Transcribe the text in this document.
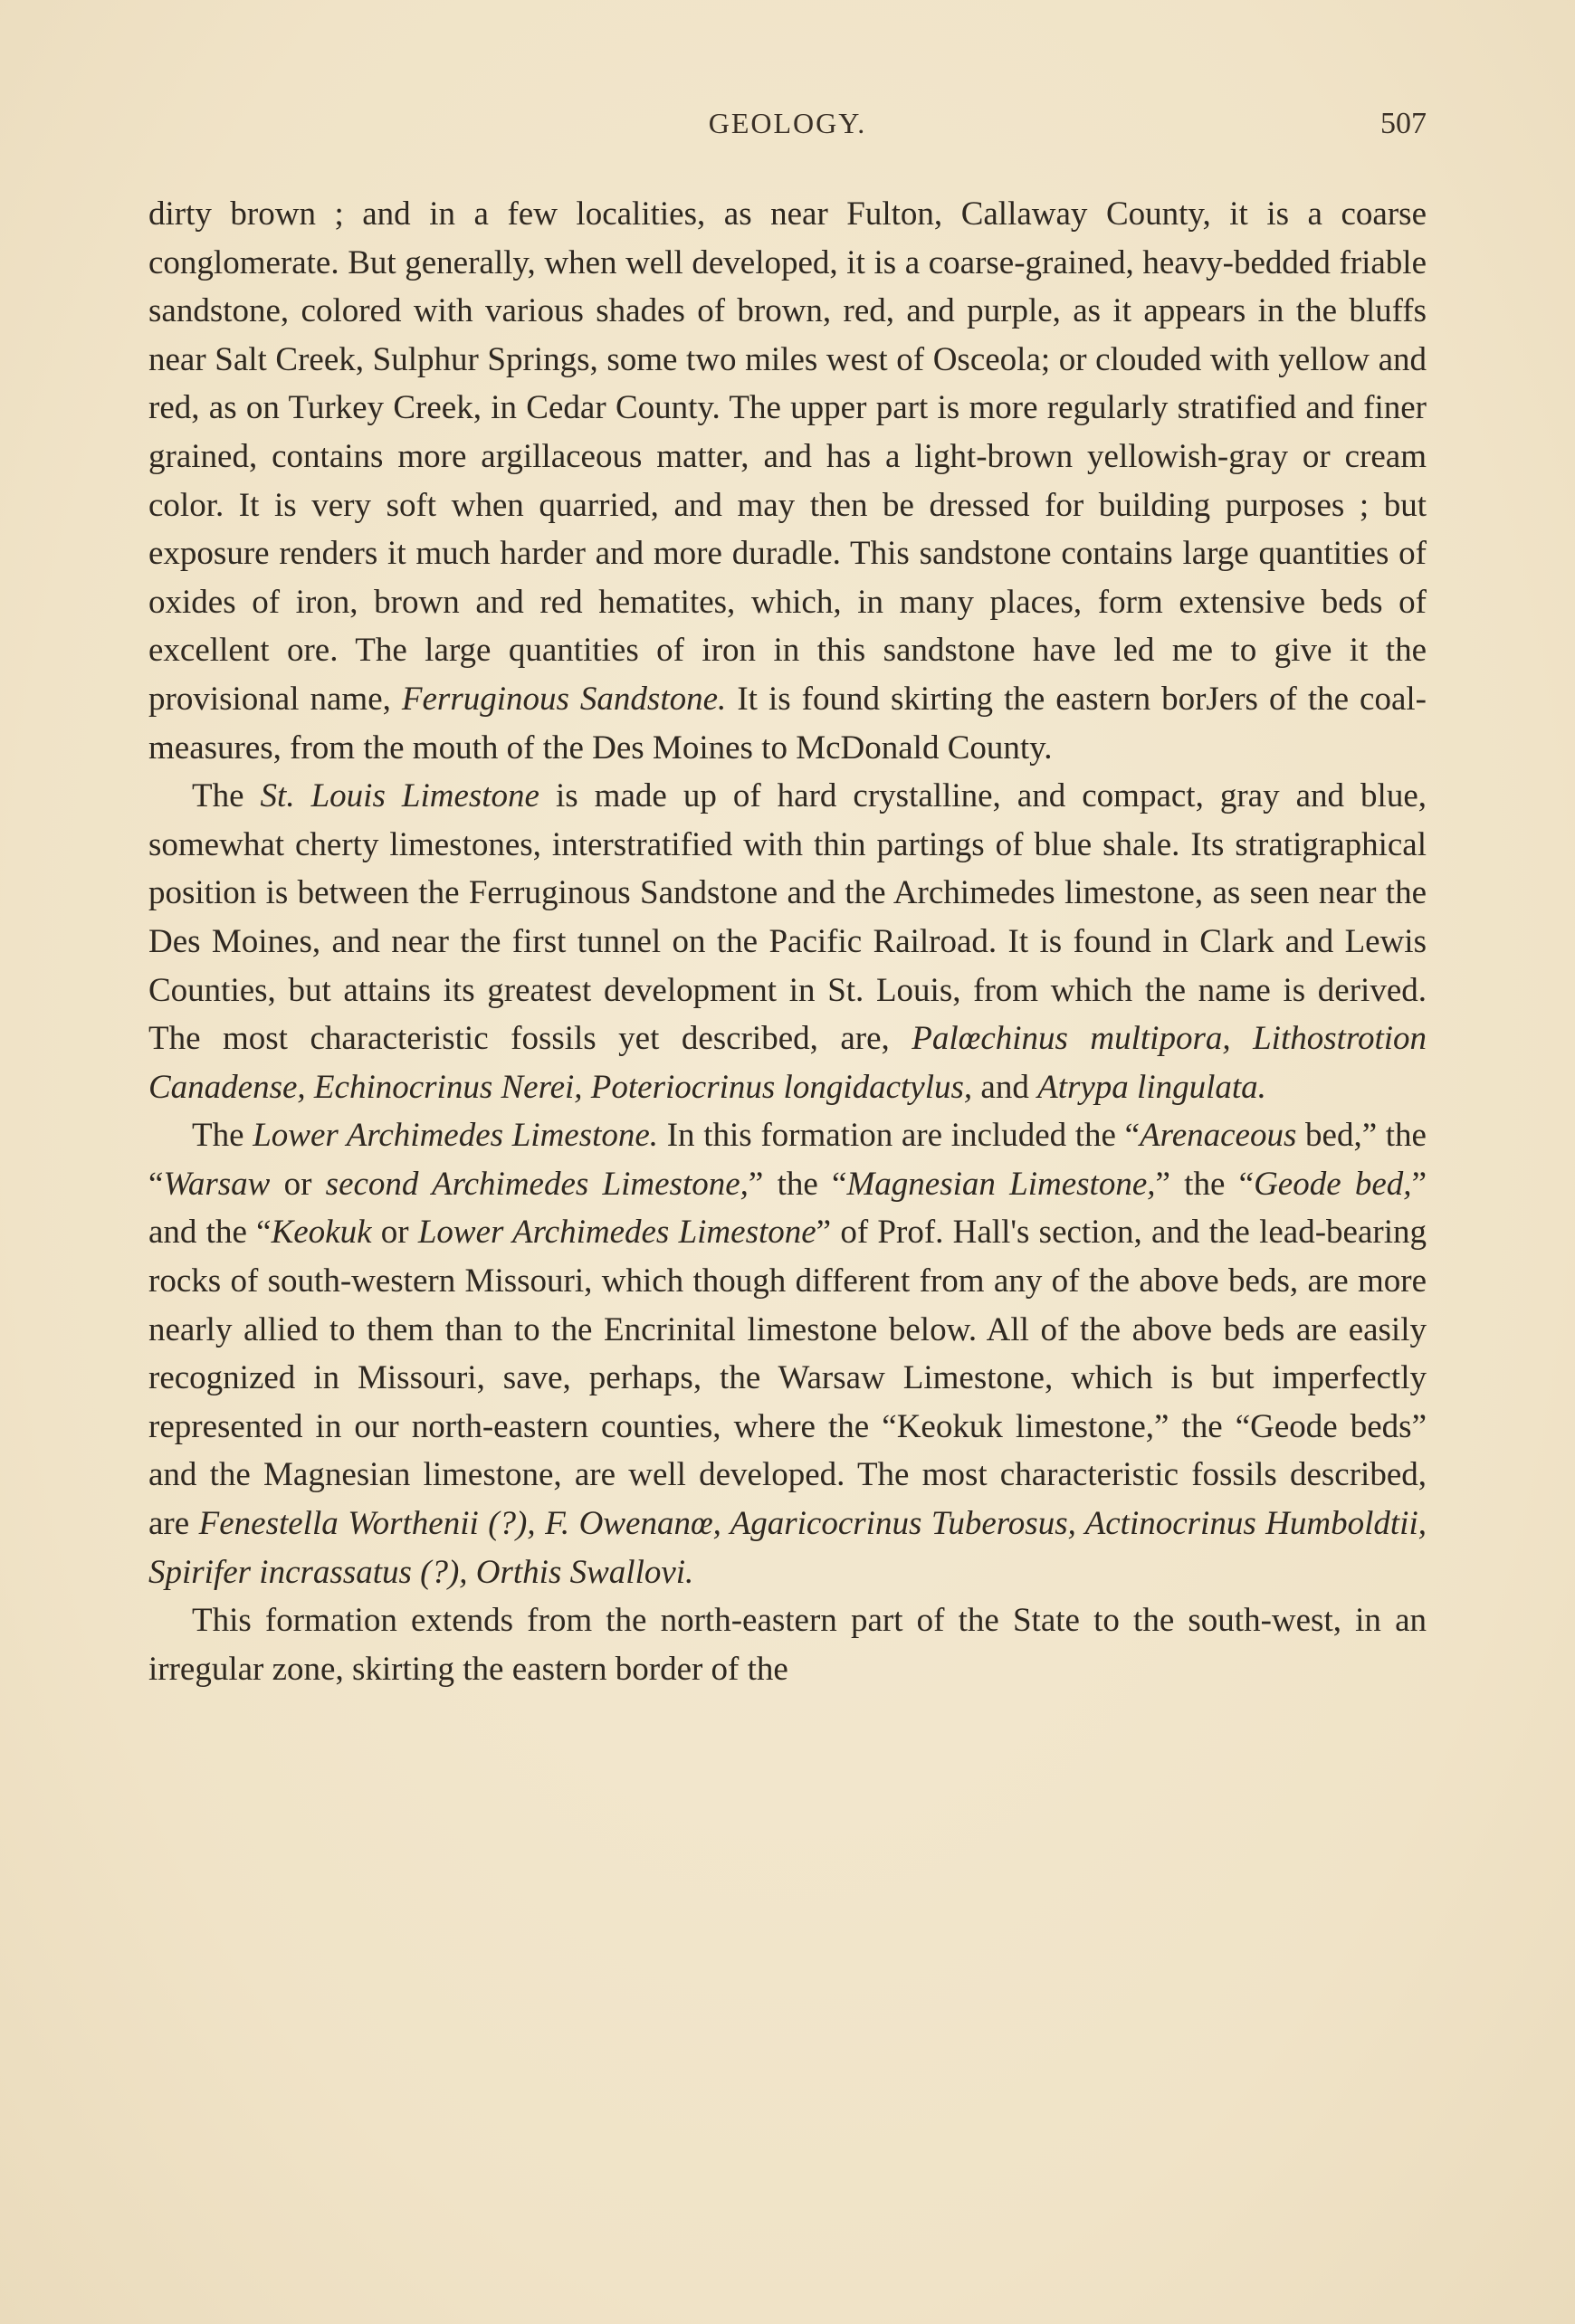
GEOLOGY.	507

dirty brown ; and in a few localities, as near Fulton, Callaway County, it is a coarse conglomerate. But generally, when well developed, it is a coarse-grained, heavy-bedded friable sandstone, colored with various shades of brown, red, and purple, as it appears in the bluffs near Salt Creek, Sulphur Springs, some two miles west of Osceola; or clouded with yellow and red, as on Turkey Creek, in Cedar County. The upper part is more regularly stratified and finer grained, contains more argillaceous matter, and has a light-brown yellowish-gray or cream color. It is very soft when quarried, and may then be dressed for building purposes ; but exposure renders it much harder and more duradle. This sandstone contains large quantities of oxides of iron, brown and red hematites, which, in many places, form extensive beds of excellent ore. The large quantities of iron in this sandstone have led me to give it the provisional name, Ferruginous Sandstone. It is found skirting the eastern borJers of the coal-measures, from the mouth of the Des Moines to McDonald County.

The St. Louis Limestone is made up of hard crystalline, and compact, gray and blue, somewhat cherty limestones, interstratified with thin partings of blue shale. Its stratigraphical position is between the Ferruginous Sandstone and the Archimedes limestone, as seen near the Des Moines, and near the first tunnel on the Pacific Railroad. It is found in Clark and Lewis Counties, but attains its greatest development in St. Louis, from which the name is derived. The most characteristic fossils yet described, are, Palœchinus multipora, Lithostrotion Canadense, Echinocrinus Nerei, Poteriocrinus longidactylus, and Atrypa lingulata.

The Lower Archimedes Limestone. In this formation are included the “Arenaceous bed,” the “Warsaw or second Archimedes Limestone,” the “Magnesian Limestone,” the “Geode bed,” and the “Keokuk or Lower Archimedes Limestone” of Prof. Hall's section, and the lead-bearing rocks of south-western Missouri, which though different from any of the above beds, are more nearly allied to them than to the Encrinital limestone below. All of the above beds are easily recognized in Missouri, save, perhaps, the Warsaw Limestone, which is but imperfectly represented in our north-eastern counties, where the “Keokuk limestone,” the “Geode beds” and the Magnesian limestone, are well developed. The most characteristic fossils described, are Fenestella Worthenii (?), F. Owenanœ, Agaricocrinus Tuberosus, Actinocrinus Humboldtii, Spirifer incrassatus (?), Orthis Swallovi.

This formation extends from the north-eastern part of the State to the south-west, in an irregular zone, skirting the eastern border of the
